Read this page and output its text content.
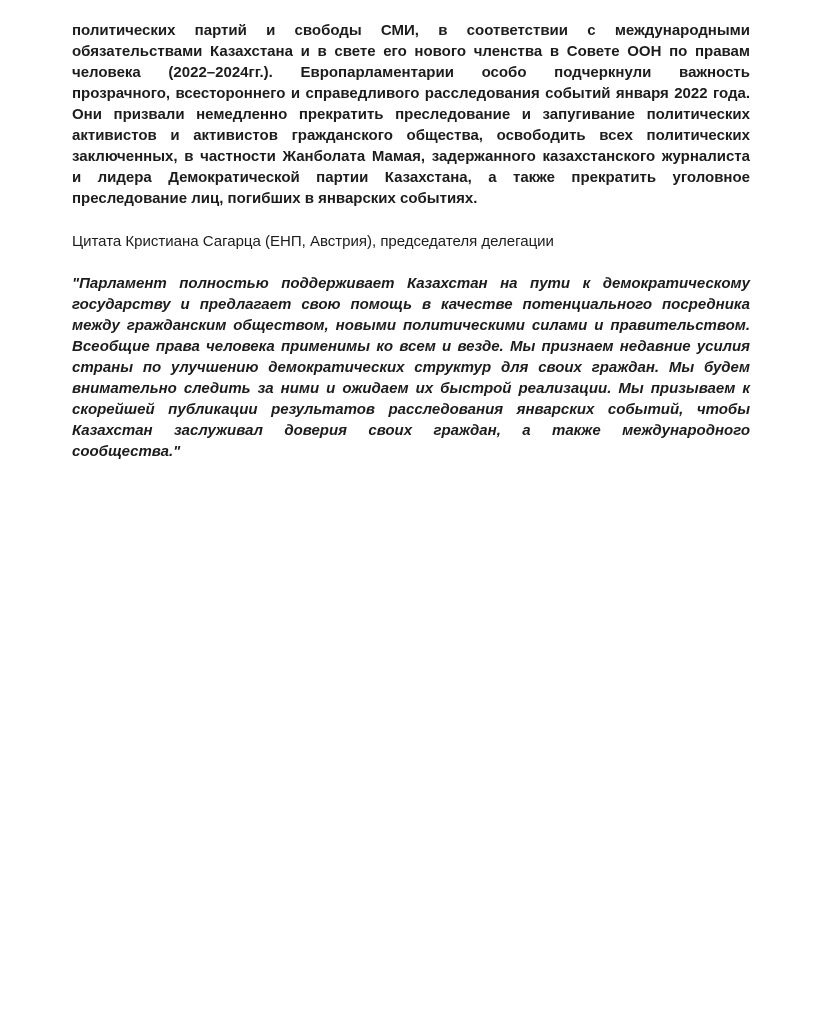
политических партий и свободы СМИ, в соответствии с международными
обязательствами Казахстана и в свете его нового членства в Совете ООН по правам
человека (2022–2024гг.). Европарламентарии особо подчеркнули важность
прозрачного, всестороннего и справедливого расследования событий января 2022 года.
Они призвали немедленно прекратить преследование и запугивание политических
активистов и активистов гражданского общества, освободить всех политических
заключенных, в частности Жанболата Мамая, задержанного казахстанского журналиста
и лидера Демократической партии Казахстана, а также прекратить уголовное
преследование лиц, погибших в январских событиях.
Цитата Кристиана Сагарца (ЕНП, Австрия), председателя делегации
"Парламент полностью поддерживает Казахстан на пути к демократическому
государству и предлагает свою помощь в качестве потенциального посредника
между гражданским обществом, новыми политическими силами и правительством.
Всеобщие права человека применимы ко всем и везде. Мы признаем недавние усилия
страны по улучшению демократических структур для своих граждан. Мы будем
внимательно следить за ними и ожидаем их быстрой реализации. Мы призываем к
скорейшей публикации результатов расследования январских событий, чтобы
Казахстан заслуживал доверия своих граждан, а также международного
сообщества."
